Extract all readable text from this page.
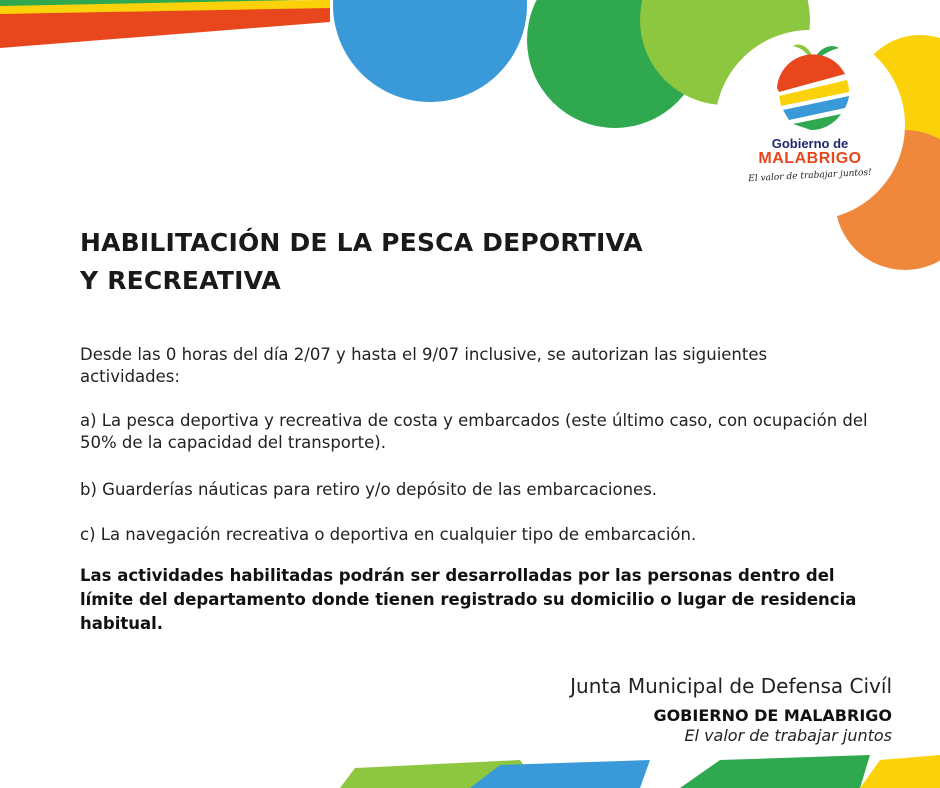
Gobierno de
MALABRIGO
El valor de trabajar juntos!
HABILITACIÓN DE LA PESCA DEPORTIVA
Y RECREATIVA

Desde las 0 horas del día 2/07 y hasta el 9/07 inclusive, se autorizan las siguientes actividades:

a) La pesca deportiva y recreativa de costa y embarcados (este último caso, con ocupación del 50% de la capacidad del transporte).

b) Guarderías náuticas para retiro y/o depósito de las embarcaciones.

c) La navegación recreativa o deportiva en cualquier tipo de embarcación.

Las actividades habilitadas podrán ser desarrolladas por las personas dentro del límite del departamento donde tienen registrado su domicilio o lugar de residencia habitual.

Junta Municipal de Defensa Civíl
GOBIERNO DE MALABRIGO
El valor de trabajar juntos
